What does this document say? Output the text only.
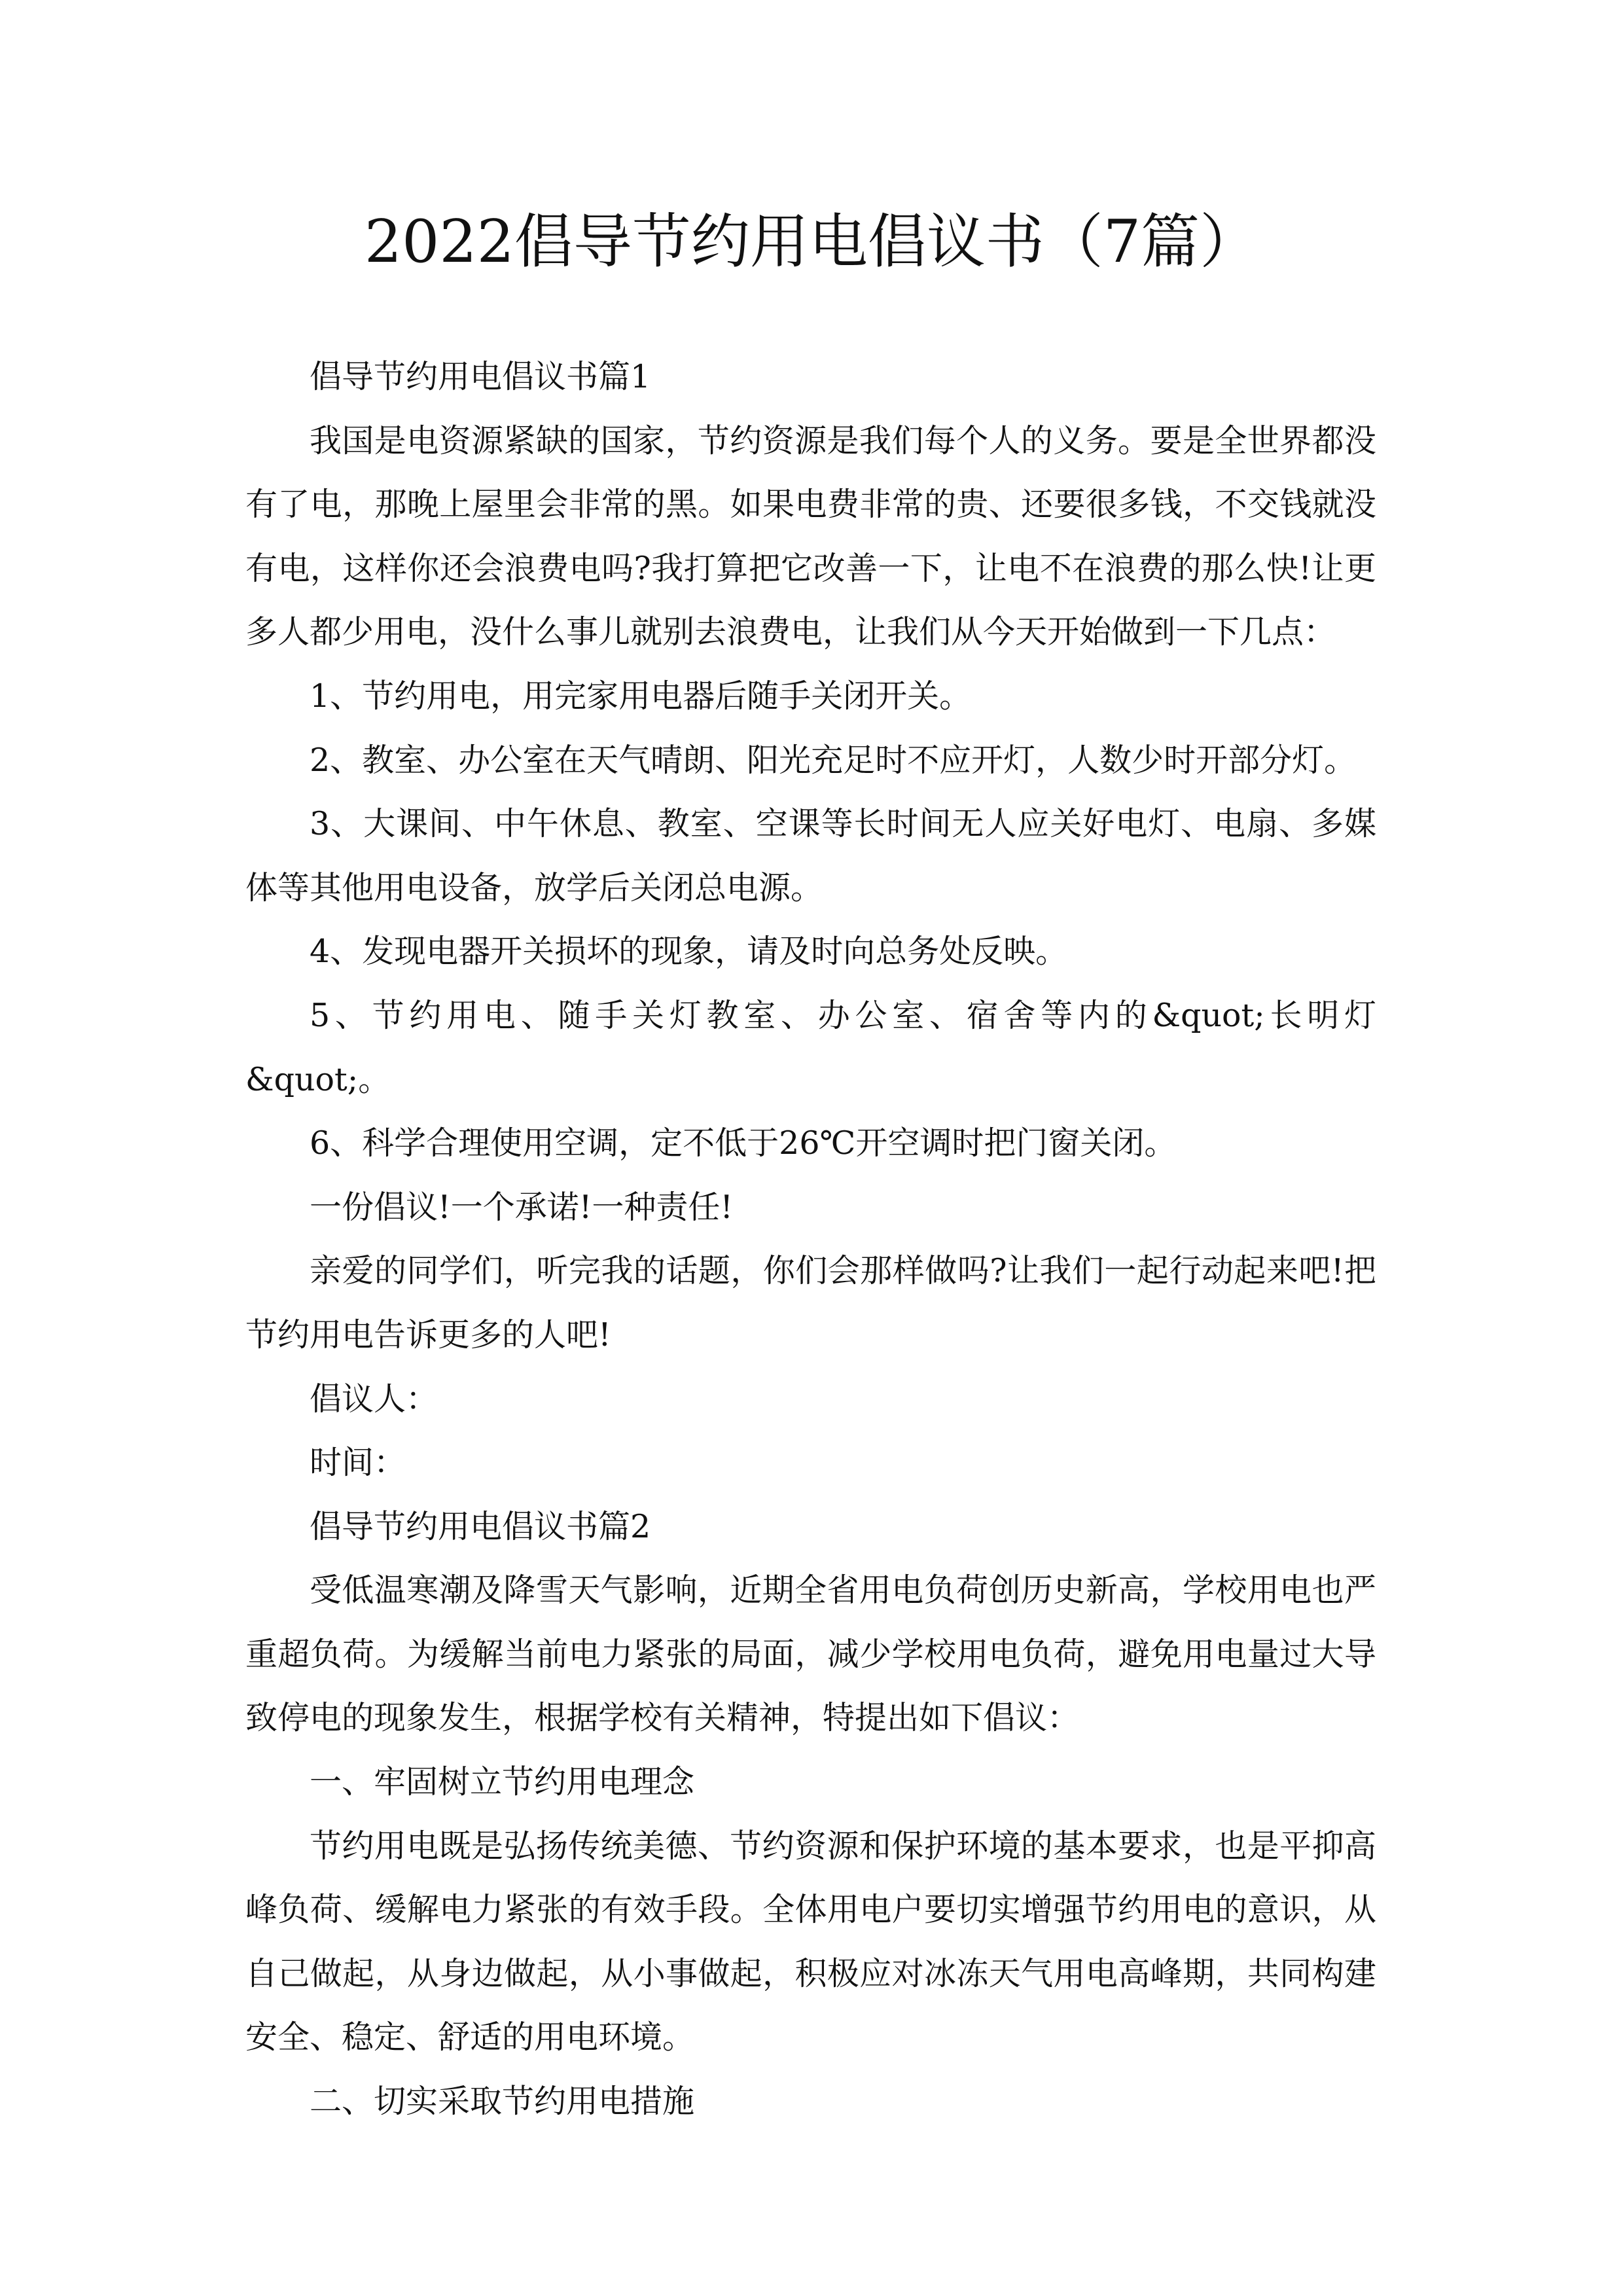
2022倡导节约用电倡议书（7篇）

倡导节约用电倡议书篇1

我国是电资源紧缺的国家，节约资源是我们每个人的义务。要是全世界都没有了电，那晚上屋里会非常的黑。如果电费非常的贵、还要很多钱，不交钱就没有电，这样你还会浪费电吗?我打算把它改善一下，让电不在浪费的那么快!让更多人都少用电，没什么事儿就别去浪费电，让我们从今天开始做到一下几点：

1、节约用电，用完家用电器后随手关闭开关。

2、教室、办公室在天气晴朗、阳光充足时不应开灯，人数少时开部分灯。

3、大课间、中午休息、教室、空课等长时间无人应关好电灯、电扇、多媒体等其他用电设备，放学后关闭总电源。

4、发现电器开关损坏的现象，请及时向总务处反映。

5、节约用电、随手关灯教室、办公室、宿舍等内的&quot;长明灯&quot;。

6、科学合理使用空调，定不低于26℃开空调时把门窗关闭。

一份倡议!一个承诺!一种责任!

亲爱的同学们，听完我的话题，你们会那样做吗?让我们一起行动起来吧!把节约用电告诉更多的人吧!

倡议人：

时间：

倡导节约用电倡议书篇2

受低温寒潮及降雪天气影响，近期全省用电负荷创历史新高，学校用电也严重超负荷。为缓解当前电力紧张的局面，减少学校用电负荷，避免用电量过大导致停电的现象发生，根据学校有关精神，特提出如下倡议：

一、牢固树立节约用电理念

节约用电既是弘扬传统美德、节约资源和保护环境的基本要求，也是平抑高峰负荷、缓解电力紧张的有效手段。全体用电户要切实增强节约用电的意识，从自己做起，从身边做起，从小事做起，积极应对冰冻天气用电高峰期，共同构建安全、稳定、舒适的用电环境。

二、切实采取节约用电措施
